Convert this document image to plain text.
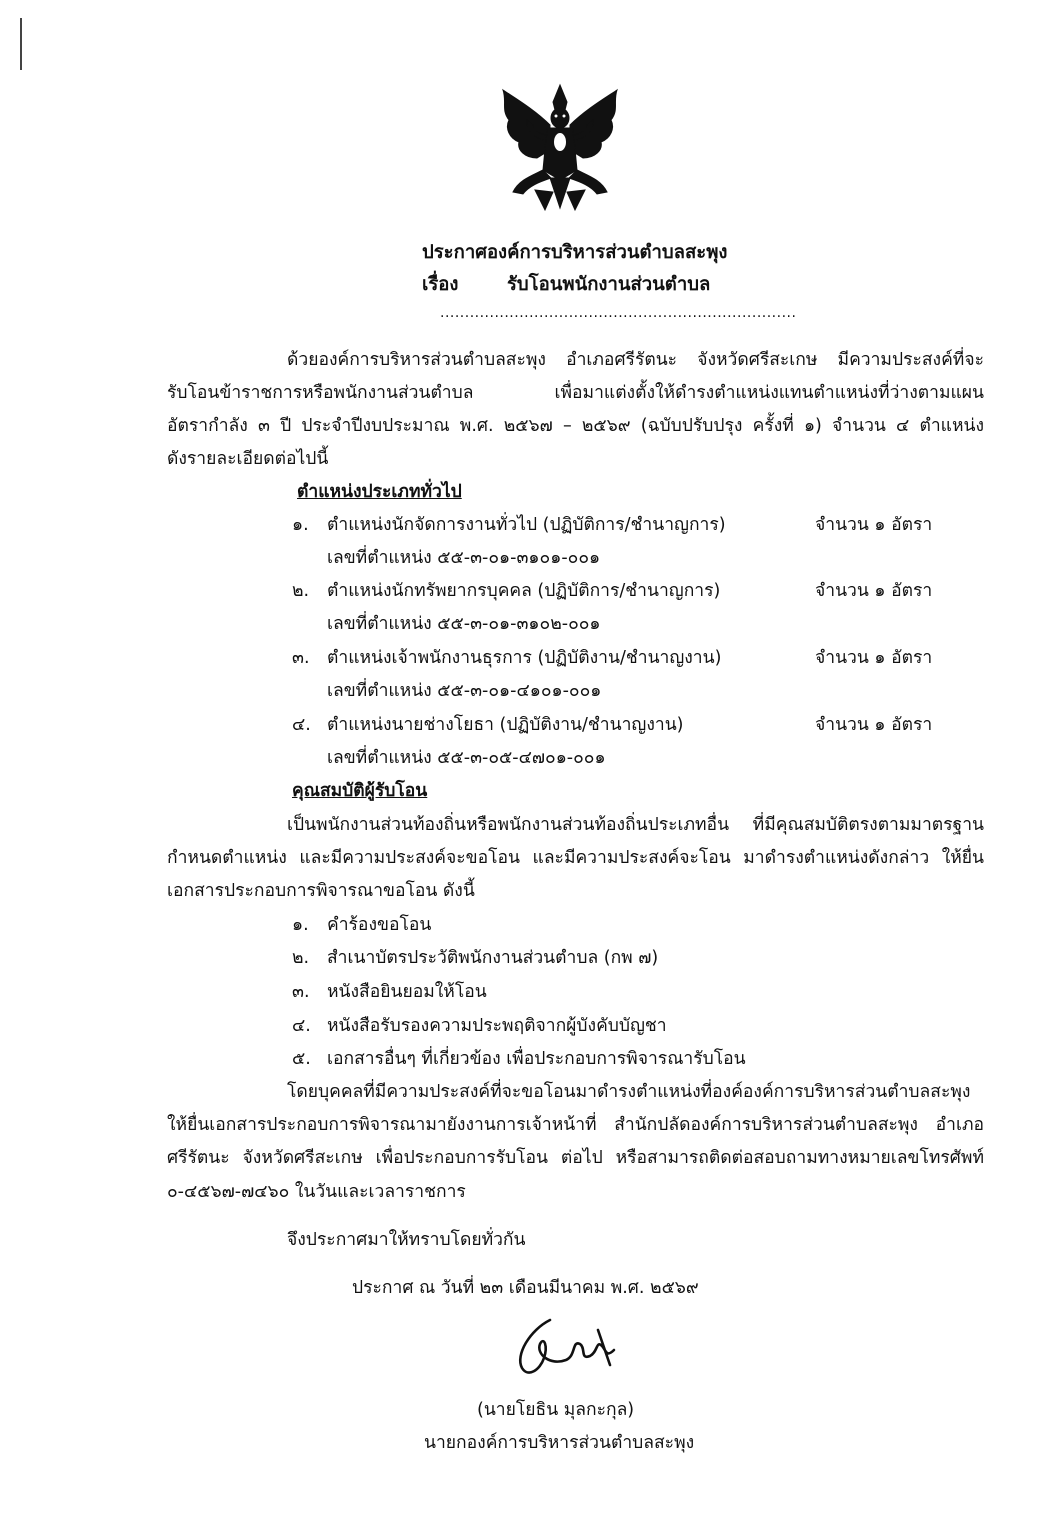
ประกาศองค์การบริหารส่วนตำบลสะพุง
เรื่อง	รับโอนพนักงานส่วนตำบล
........................................................................
ด้วยองค์การบริหารส่วนตำบลสะพุง อำเภอศรีรัตนะ จังหวัดศรีสะเกษ มีความประสงค์ที่จะ
รับโอนข้าราชการหรือพนักงานส่วนตำบล เพื่อมาแต่งตั้งให้ดำรงตำแหน่งแทนตำแหน่งที่ว่างตามแผน
อัตรากำลัง ๓ ปี ประจำปีงบประมาณ พ.ศ. ๒๕๖๗ – ๒๕๖๙ (ฉบับปรับปรุง ครั้งที่ ๑) จำนวน ๔ ตำแหน่ง
ดังรายละเอียดต่อไปนี้
ตำแหน่งประเภททั่วไป
๑. ตำแหน่งนักจัดการงานทั่วไป (ปฏิบัติการ/ชำนาญการ)	จำนวน ๑ อัตรา
เลขที่ตำแหน่ง ๕๕-๓-๐๑-๓๑๐๑-๐๐๑
๒. ตำแหน่งนักทรัพยากรบุคคล (ปฏิบัติการ/ชำนาญการ)	จำนวน ๑ อัตรา
เลขที่ตำแหน่ง ๕๕-๓-๐๑-๓๑๐๒-๐๐๑
๓. ตำแหน่งเจ้าพนักงานธุรการ (ปฏิบัติงาน/ชำนาญงาน)	จำนวน ๑ อัตรา
เลขที่ตำแหน่ง ๕๕-๓-๐๑-๔๑๐๑-๐๐๑
๔. ตำแหน่งนายช่างโยธา (ปฏิบัติงาน/ชำนาญงาน)	จำนวน ๑ อัตรา
เลขที่ตำแหน่ง ๕๕-๓-๐๕-๔๗๐๑-๐๐๑
คุณสมบัติผู้รับโอน
เป็นพนักงานส่วนท้องถิ่นหรือพนักงานส่วนท้องถิ่นประเภทอื่น ที่มีคุณสมบัติตรงตามมาตรฐาน
กำหนดตำแหน่ง และมีความประสงค์จะขอโอน และมีความประสงค์จะโอน มาดำรงตำแหน่งดังกล่าว ให้ยื่น
เอกสารประกอบการพิจารณาขอโอน ดังนี้
๑. คำร้องขอโอน
๒. สำเนาบัตรประวัติพนักงานส่วนตำบล (กพ ๗)
๓. หนังสือยินยอมให้โอน
๔. หนังสือรับรองความประพฤติจากผู้บังคับบัญชา
๕. เอกสารอื่นๆ ที่เกี่ยวข้อง เพื่อประกอบการพิจารณารับโอน
โดยบุคคลที่มีความประสงค์ที่จะขอโอนมาดำรงตำแหน่งที่องค์องค์การบริหารส่วนตำบลสะพุง
ให้ยื่นเอกสารประกอบการพิจารณามายังงานการเจ้าหน้าที่ สำนักปลัดองค์การบริหารส่วนตำบลสะพุง อำเภอ
ศรีรัตนะ จังหวัดศรีสะเกษ เพื่อประกอบการรับโอน ต่อไป หรือสามารถติดต่อสอบถามทางหมายเลขโทรศัพท์
๐-๔๕๖๗-๗๔๖๐ ในวันและเวลาราชการ
จึงประกาศมาให้ทราบโดยทั่วกัน
ประกาศ ณ วันที่ ๒๓ เดือนมีนาคม พ.ศ. ๒๕๖๙
(นายโยธิน มุลกะกุล)
นายกองค์การบริหารส่วนตำบลสะพุง
